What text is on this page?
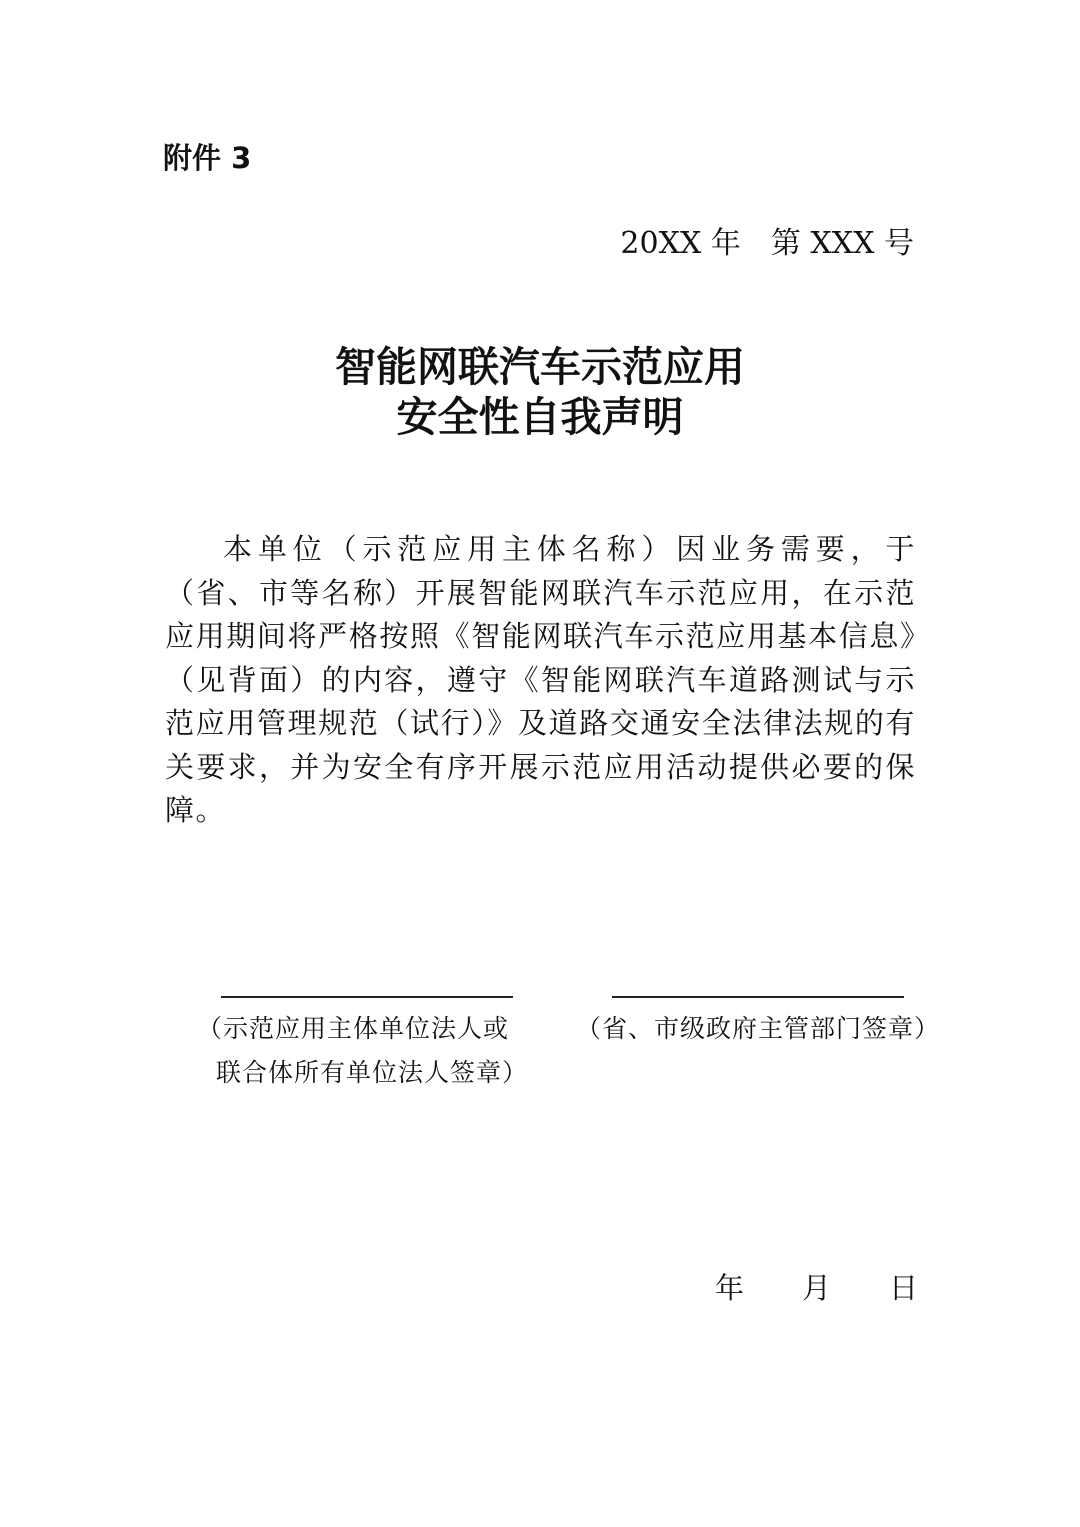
附件 3
20XX 年　第 XXX 号
智能网联汽车示范应用
安全性自我声明
本单位（示范应用主体名称）因业务需要，于（省、市等名称）开展智能网联汽车示范应用，在示范应用期间将严格按照《智能网联汽车示范应用基本信息》（见背面）的内容，遵守《智能网联汽车道路测试与示范应用管理规范（试行）》及道路交通安全法律法规的有关要求，并为安全有序开展示范应用活动提供必要的保障。
（示范应用主体单位法人或
联合体所有单位法人签章）
（省、市级政府主管部门签章）
年 月 日
